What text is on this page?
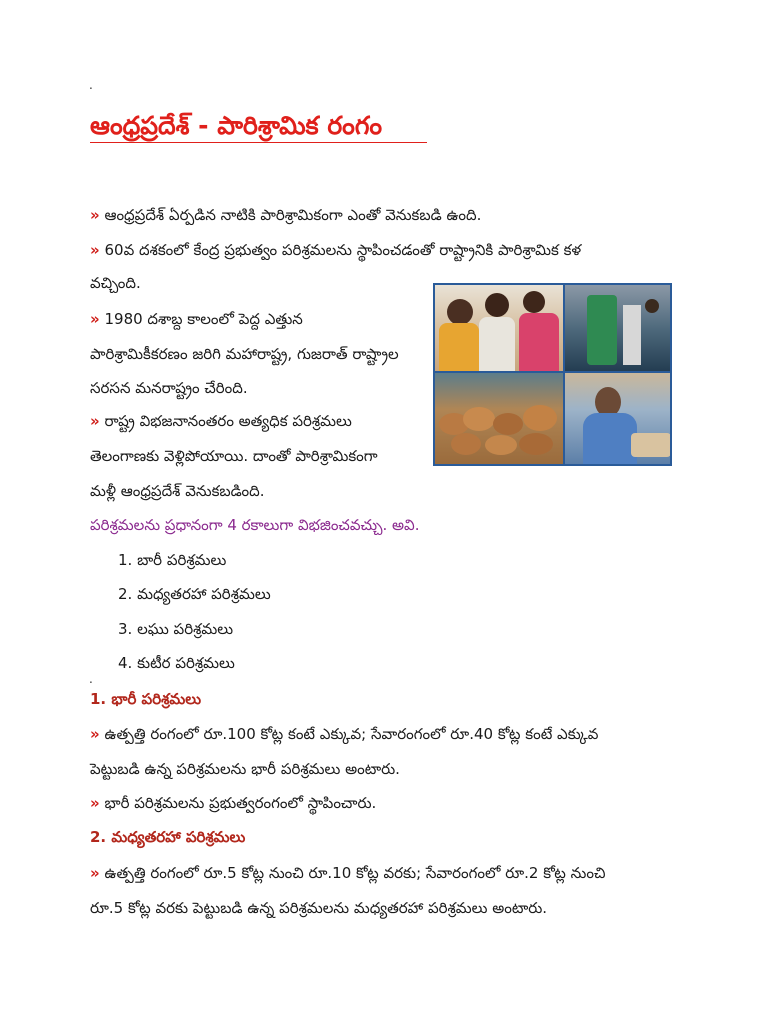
.
ఆంధ్రప్రదేశ్ - పారిశ్రామిక రంగం
» ఆంధ్రప్రదేశ్ ఏర్పడిన నాటికి పారిశ్రామికంగా ఎంతో వెనుకబడి ఉంది.
» 60వ దశకంలో కేంద్ర ప్రభుత్వం పరిశ్రమలను స్థాపించడంతో రాష్ట్రానికి పారిశ్రామిక కళ
వచ్చింది.
» 1980 దశాబ్ద కాలంలో పెద్ద ఎత్తున
పారిశ్రామికీకరణం జరిగి మహారాష్ట్ర, గుజరాత్ రాష్ట్రాల
సరసన మనరాష్ట్రం చేరింది.
» రాష్ట్ర విభజనానంతరం అత్యధిక పరిశ్రమలు
తెలంగాణకు వెళ్లిపోయాయి. దాంతో పారిశ్రామికంగా
మళ్లీ ఆంధ్రప్రదేశ్ వెనుకబడింది.
పరిశ్రమలను ప్రధానంగా 4 రకాలుగా విభజించవచ్చు. అవి.
1. బారీ పరిశ్రమలు
2. మధ్యతరహా పరిశ్రమలు
3. లఘు పరిశ్రమలు
4. కుటీర పరిశ్రమలు
.
1. భారీ పరిశ్రమలు
» ఉత్పత్తి రంగంలో రూ.100 కోట్ల కంటే ఎక్కువ; సేవారంగంలో రూ.40 కోట్ల కంటే ఎక్కువ
పెట్టుబడి ఉన్న పరిశ్రమలను భారీ పరిశ్రమలు అంటారు.
» భారీ పరిశ్రమలను ప్రభుత్వరంగంలో స్థాపించారు.
2. మధ్యతరహా పరిశ్రమలు
» ఉత్పత్తి రంగంలో రూ.5 కోట్ల నుంచి రూ.10 కోట్ల వరకు; సేవారంగంలో రూ.2 కోట్ల నుంచి
రూ.5 కోట్ల వరకు పెట్టుబడి ఉన్న పరిశ్రమలను మధ్యతరహా పరిశ్రమలు అంటారు.
